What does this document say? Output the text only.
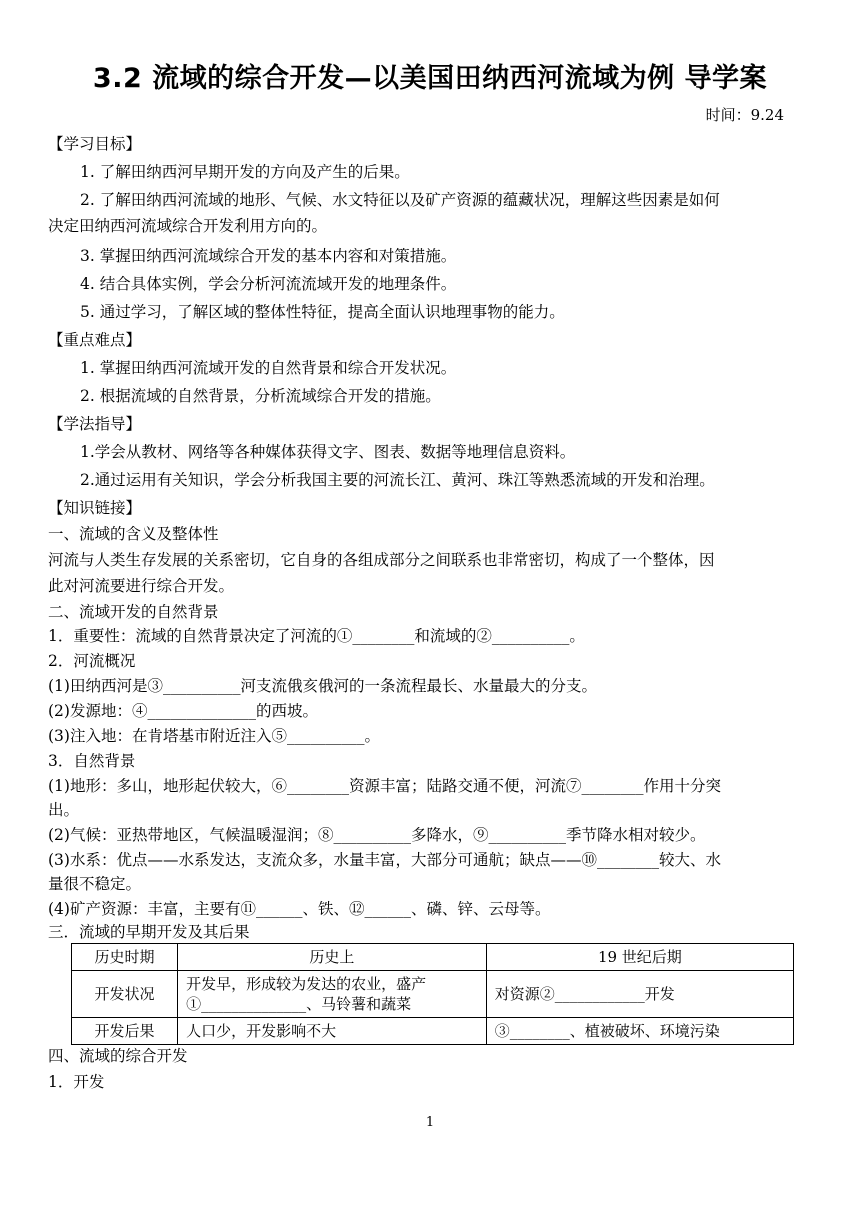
3.2 流域的综合开发—以美国田纳西河流域为例 导学案
时间：9.24
【学习目标】
1. 了解田纳西河早期开发的方向及产生的后果。
2. 了解田纳西河流域的地形、气候、水文特征以及矿产资源的蕴藏状况，理解这些因素是如何
决定田纳西河流域综合开发利用方向的。
3. 掌握田纳西河流域综合开发的基本内容和对策措施。
4. 结合具体实例，学会分析河流流域开发的地理条件。
5. 通过学习，了解区域的整体性特征，提高全面认识地理事物的能力。
【重点难点】
1. 掌握田纳西河流域开发的自然背景和综合开发状况。
2. 根据流域的自然背景，分析流域综合开发的措施。
【学法指导】
1.学会从教材、网络等各种媒体获得文字、图表、数据等地理信息资料。
2.通过运用有关知识，学会分析我国主要的河流长江、黄河、珠江等熟悉流域的开发和治理。
【知识链接】
一、流域的含义及整体性
河流与人类生存发展的关系密切，它自身的各组成部分之间联系也非常密切，构成了一个整体，因
此对河流要进行综合开发。
二、流域开发的自然背景
1．重要性：流域的自然背景决定了河流的①________和流域的②__________。
2．河流概况
(1)田纳西河是③__________河支流俄亥俄河的一条流程最长、水量最大的分支。
(2)发源地：④______________的西坡。
(3)注入地：在肯塔基市附近注入⑤__________。
3．自然背景
(1)地形：多山，地形起伏较大，⑥________资源丰富；陆路交通不便，河流⑦________作用十分突
出。
(2)气候：亚热带地区，气候温暖湿润；⑧__________多降水，⑨__________季节降水相对较少。
(3)水系：优点——水系发达，支流众多，水量丰富，大部分可通航；缺点——⑩________较大、水
量很不稳定。
(4)矿产资源：丰富，主要有⑪______、铁、⑫______、磷、锌、云母等。
三．流域的早期开发及其后果
历史时期	历史上	19 世纪后期
开发状况	开发早，形成较为发达的农业，盛产
①______________、马铃薯和蔬菜	对资源②____________开发
开发后果	人口少，开发影响不大	③________、植被破坏、环境污染
四、流域的综合开发
1．开发
1
